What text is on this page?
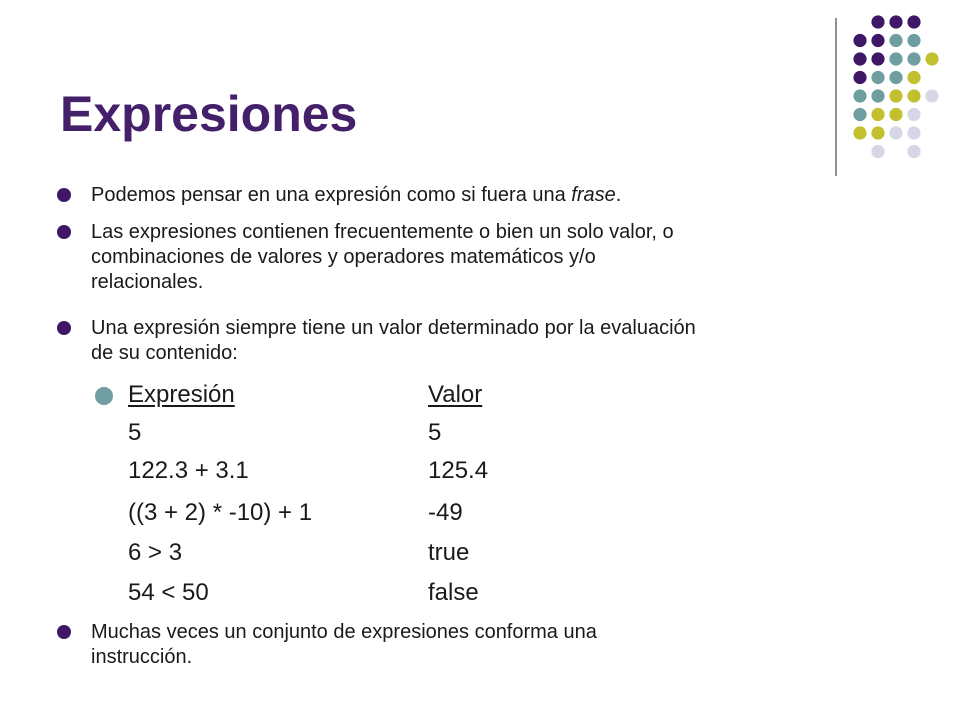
Expresiones
Podemos pensar en una expresión como si fuera una frase.
Las expresiones contienen frecuentemente o bien un solo valor, o
combinaciones de valores y operadores matemáticos y/o
relacionales.
Una expresión siempre tiene un valor determinado por la evaluación
de su contenido:
Expresión	Valor
5	5
122.3 + 3.1	125.4
((3 + 2) * -10) + 1	-49
6 > 3	true
54 < 50	false
Muchas veces un conjunto de expresiones conforma una
instrucción.
